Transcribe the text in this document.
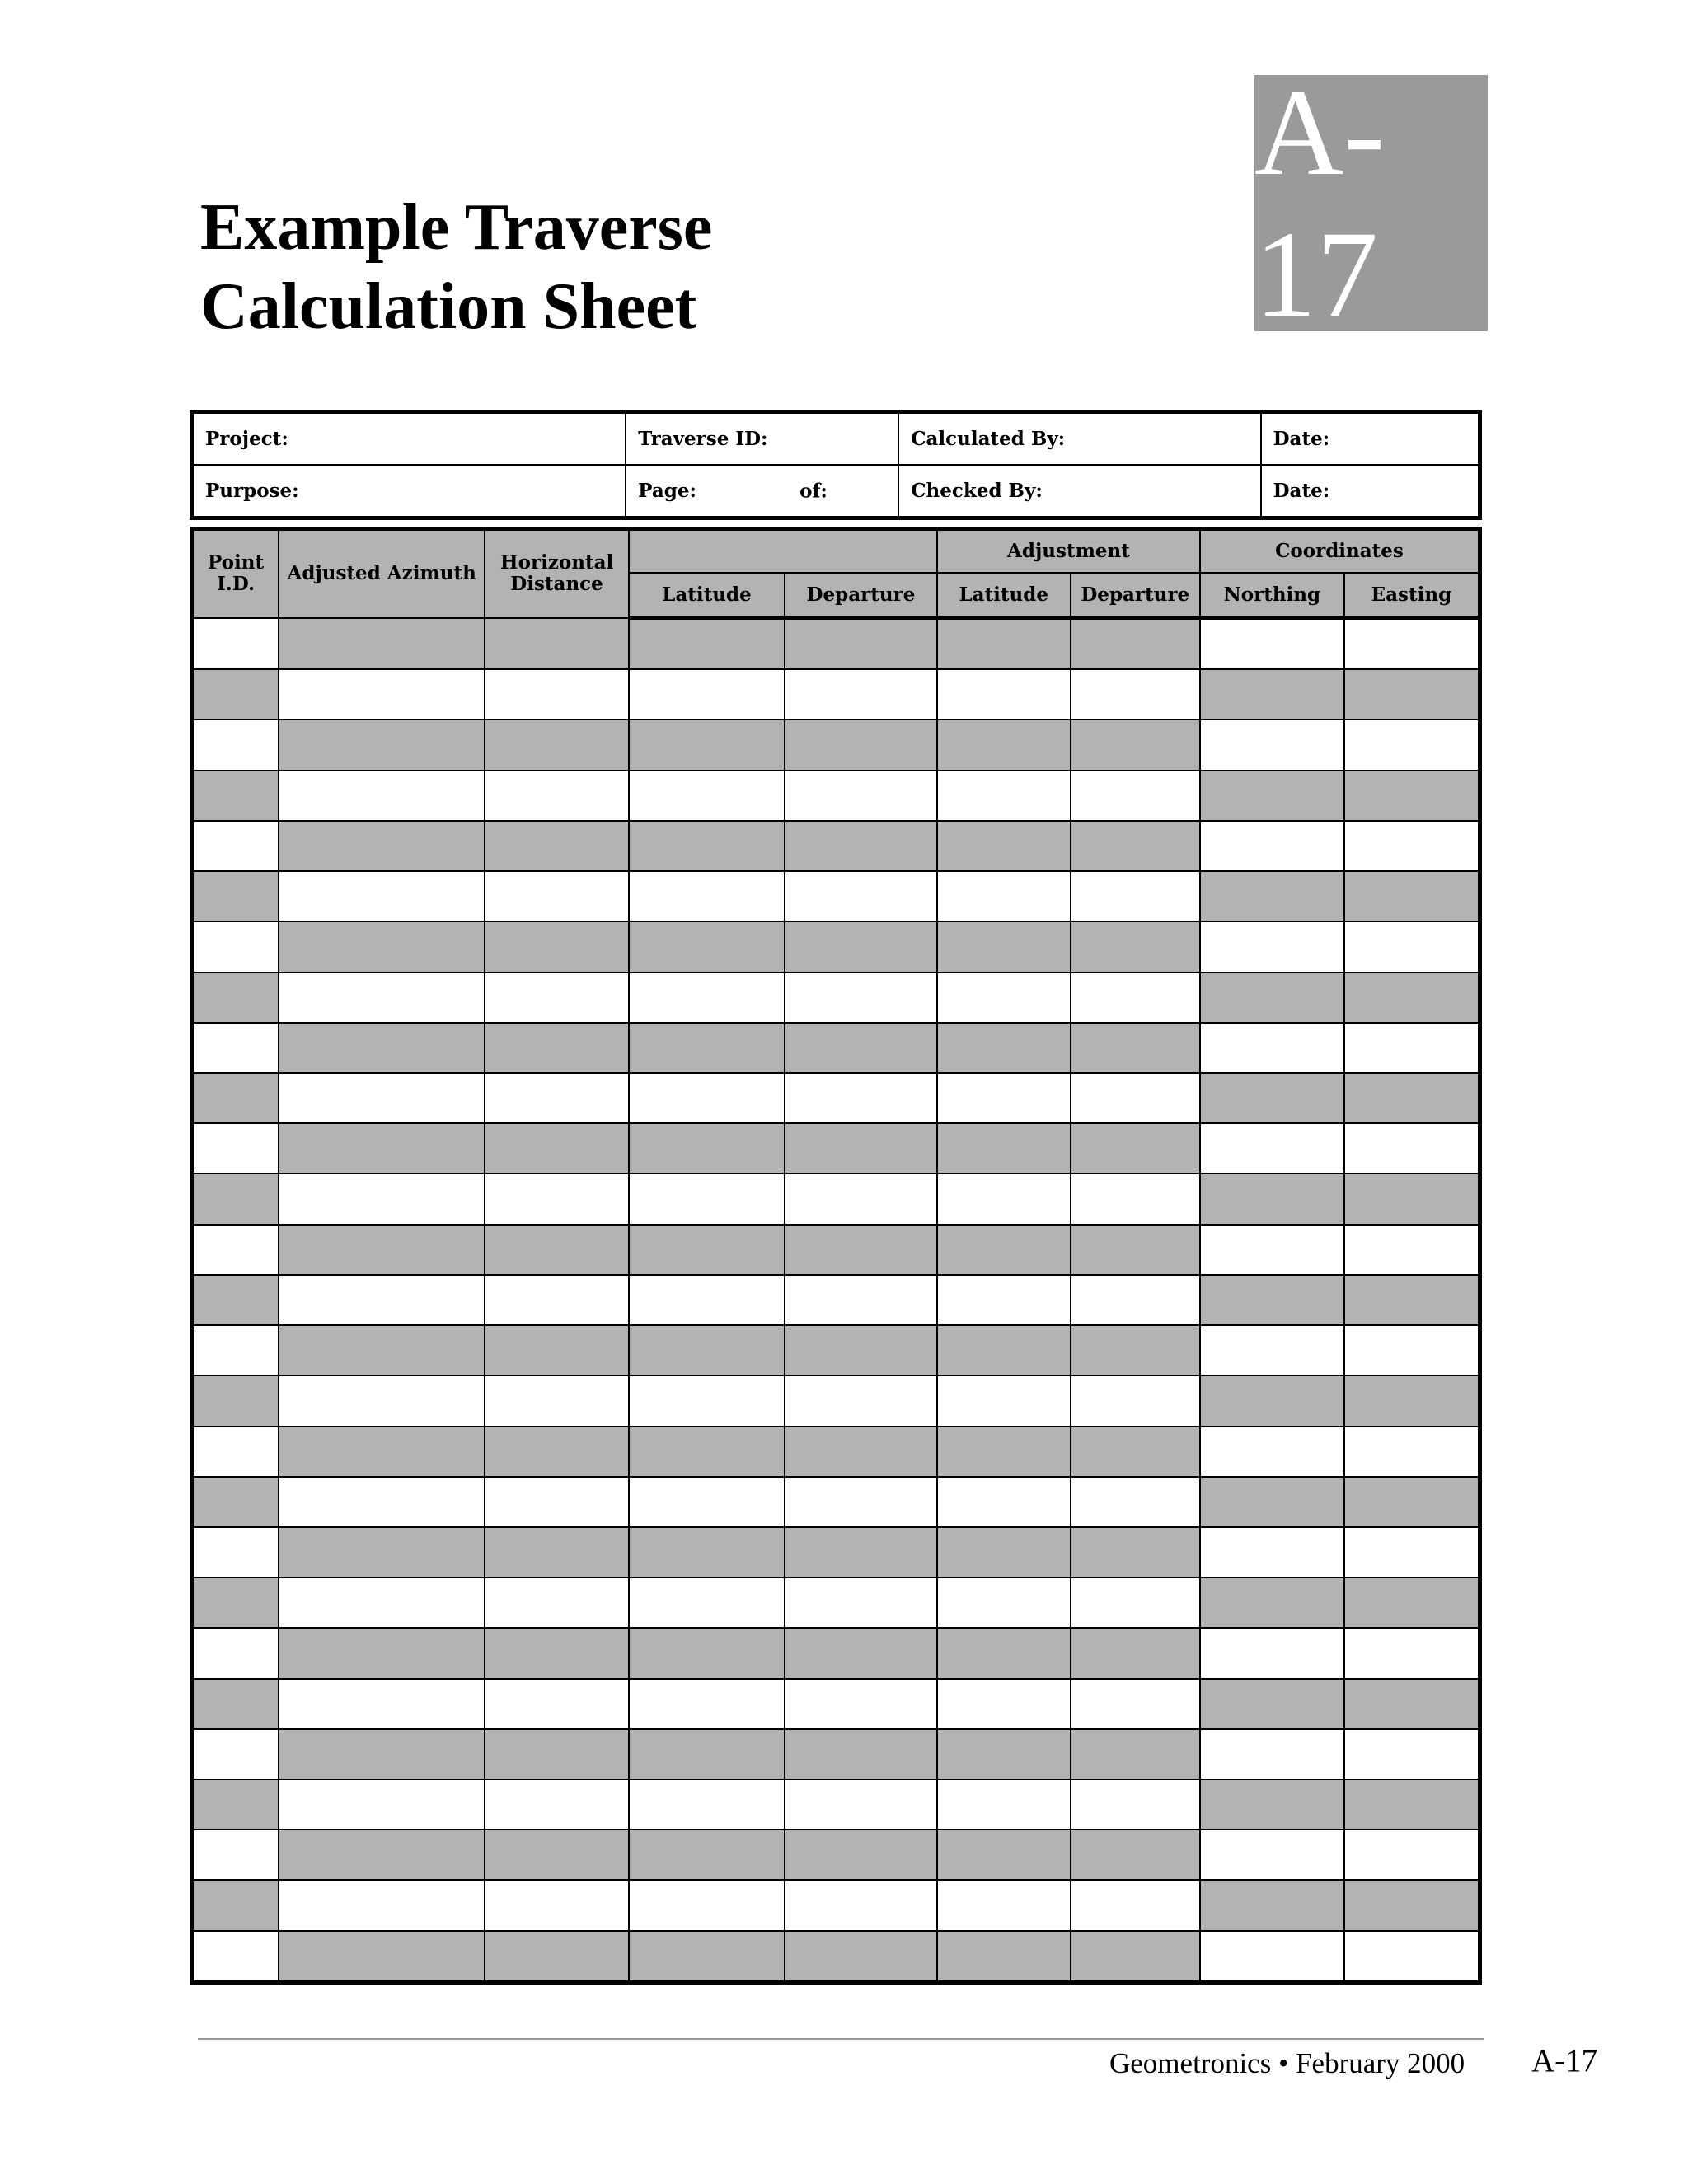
Example Traverse
Calculation Sheet
A-17
Project:	Traverse ID:	Calculated By:	Date:
Purpose:	Page: of:	Checked By:	Date:
Point I.D.	Adjusted Azimuth	Horizontal Distance			Adjustment		Coordinates	
			Latitude	Departure	Latitude	Departure	Northing	Easting

Geometronics • February 2000 A-17
